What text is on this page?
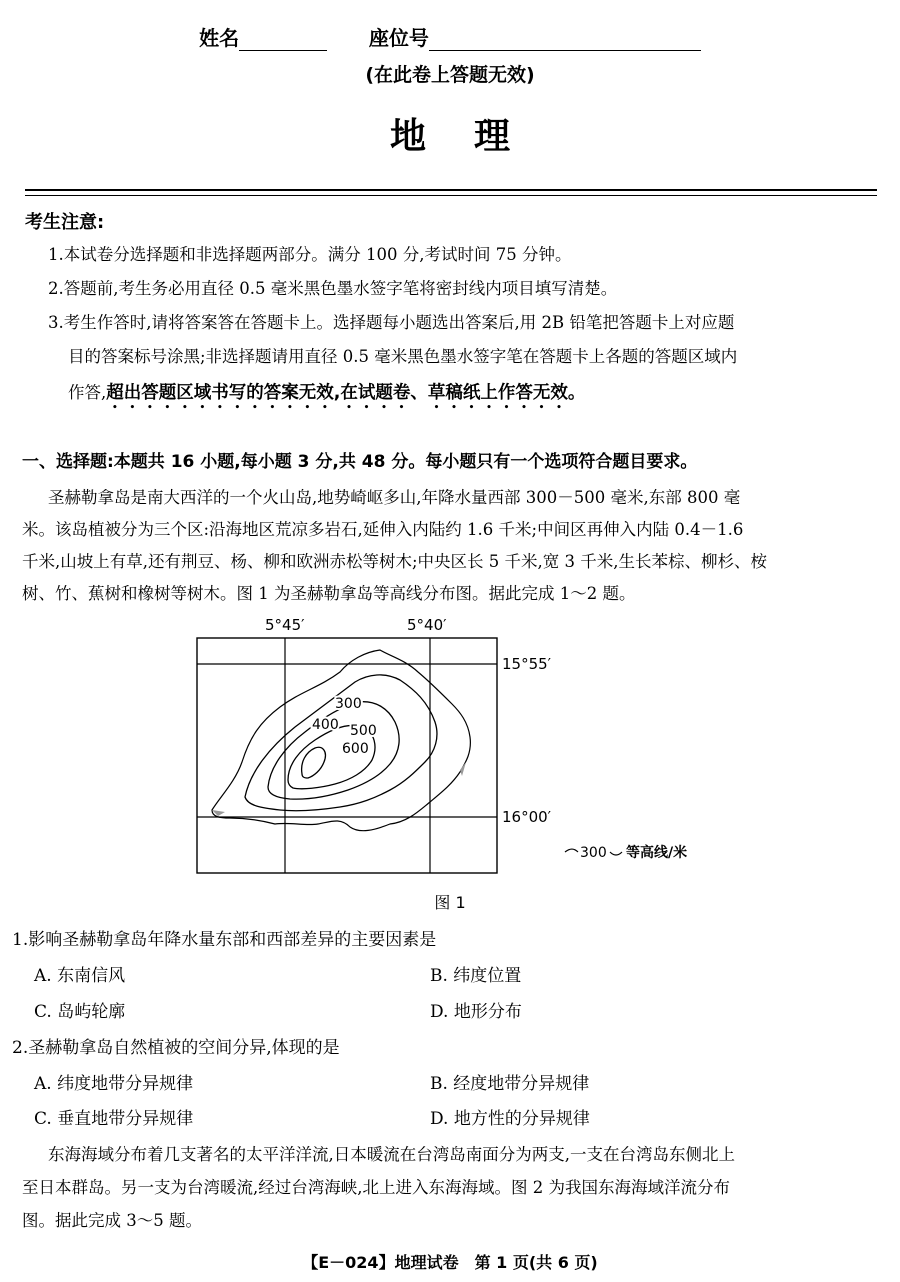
姓名	座位号
(在此卷上答题无效)
地理
考生注意:
1.本试卷分选择题和非选择题两部分。满分 100 分,考试时间 75 分钟。
2.答题前,考生务必用直径 0.5 毫米黑色墨水签字笔将密封线内项目填写清楚。
3.考生作答时,请将答案答在答题卡上。选择题每小题选出答案后,用 2B 铅笔把答题卡上对应题
目的答案标号涂黑;非选择题请用直径 0.5 毫米黑色墨水签字笔在答题卡上各题的答题区域内
作答,超出答题区域书写的答案无效,在试题卷、草稿纸上作答无效。
一、选择题:本题共 16 小题,每小题 3 分,共 48 分。每小题只有一个选项符合题目要求。
圣赫勒拿岛是南大西洋的一个火山岛,地势崎岖多山,年降水量西部 300－500 毫米,东部 800 毫
米。该岛植被分为三个区:沿海地区荒凉多岩石,延伸入内陆约 1.6 千米;中间区再伸入内陆 0.4－1.6
千米,山坡上有草,还有荆豆、杨、柳和欧洲赤松等树木;中央区长 5 千米,宽 3 千米,生长苯棕、柳杉、桉
树、竹、蕉树和橡树等树木。图 1 为圣赫勒拿岛等高线分布图。据此完成 1～2 题。
5°45′	5°40′
15°55′
16°00′
300
400 500
600
300 等高线/米
图 1
1.影响圣赫勒拿岛年降水量东部和西部差异的主要因素是
A. 东南信风	B. 纬度位置
C. 岛屿轮廓	D. 地形分布
2.圣赫勒拿岛自然植被的空间分异,体现的是
A. 纬度地带分异规律	B. 经度地带分异规律
C. 垂直地带分异规律	D. 地方性的分异规律
东海海域分布着几支著名的太平洋洋流,日本暖流在台湾岛南面分为两支,一支在台湾岛东侧北上
至日本群岛。另一支为台湾暖流,经过台湾海峡,北上进入东海海域。图 2 为我国东海海域洋流分布
图。据此完成 3～5 题。
【E－024】地理试卷　第 1 页(共 6 页)
